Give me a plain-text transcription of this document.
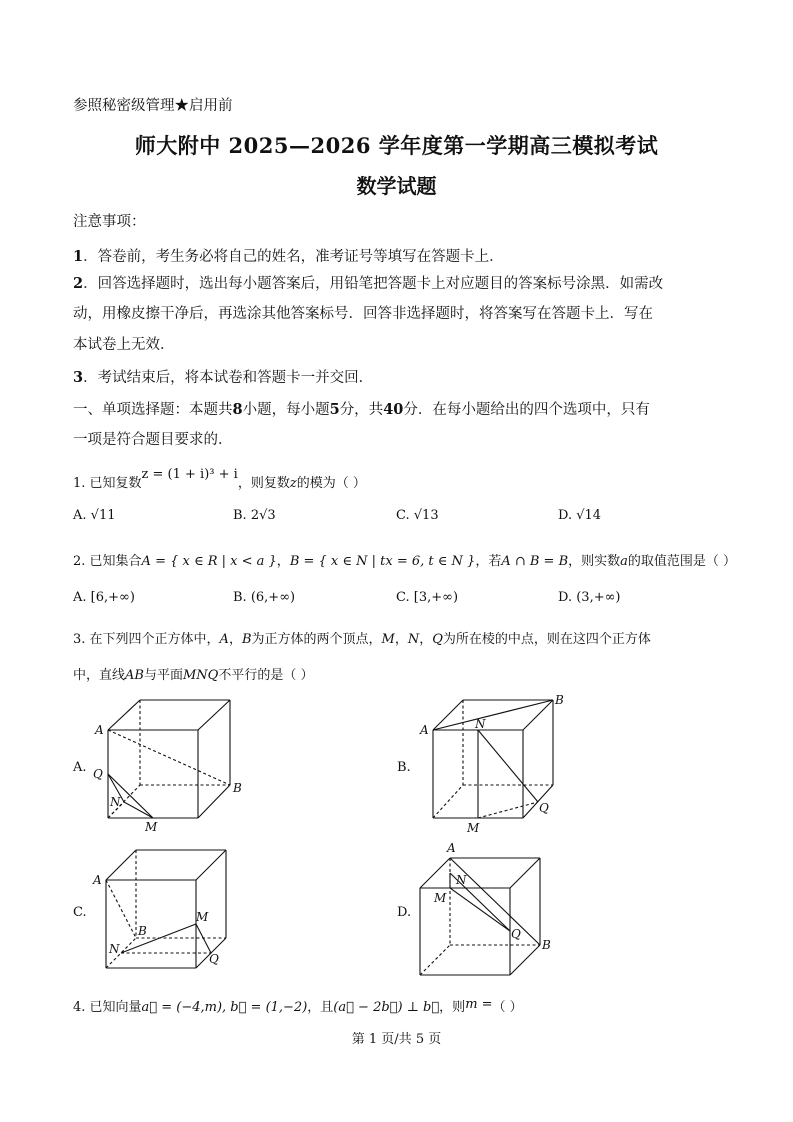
参照秘密级管理★启用前
师大附中 2025—2026 学年度第一学期高三模拟考试
数学试题
注意事项：
1．答卷前，考生务必将自己的姓名，准考证号等填写在答题卡上．
2．回答选择题时，选出每小题答案后，用铅笔把答题卡上对应题目的答案标号涂黑．如需改
动，用橡皮擦干净后，再选涂其他答案标号．回答非选择题时，将答案写在答题卡上．写在
本试卷上无效．
3．考试结束后，将本试卷和答题卡一并交回．
一、单项选择题：本题共8小题，每小题5分，共40分．在每小题给出的四个选项中，只有
一项是符合题目要求的．
1. 已知复数z = (1 + i)³ + i，则复数z的模为（ ）
A. √11	B. 2√3	C. √13	D. √14
2. 已知集合A = { x ∈ R | x < a }，B = { x ∈ N | tx = 6, t ∈ N }，若A ∩ B = B，则实数a的取值范围是（ ）
A. [6,+∞)	B. (6,+∞)	C. [3,+∞)	D. (3,+∞)
3. 在下列四个正方体中，A，B为正方体的两个顶点，M，N，Q为所在棱的中点，则在这四个正方体
中，直线AB与平面MNQ不平行的是（ ）
A.	B.
C.	D.
A
B
Q
N
M
A
B
N
Q
M
A
B
M
N
Q
A
B
N
M
Q
4. 已知向量a⃗ = (−4,m), b⃗ = (1,−2)，且(a⃗ − 2b⃗) ⊥ b⃗，则m =（ ）
第 1 页/共 5 页
